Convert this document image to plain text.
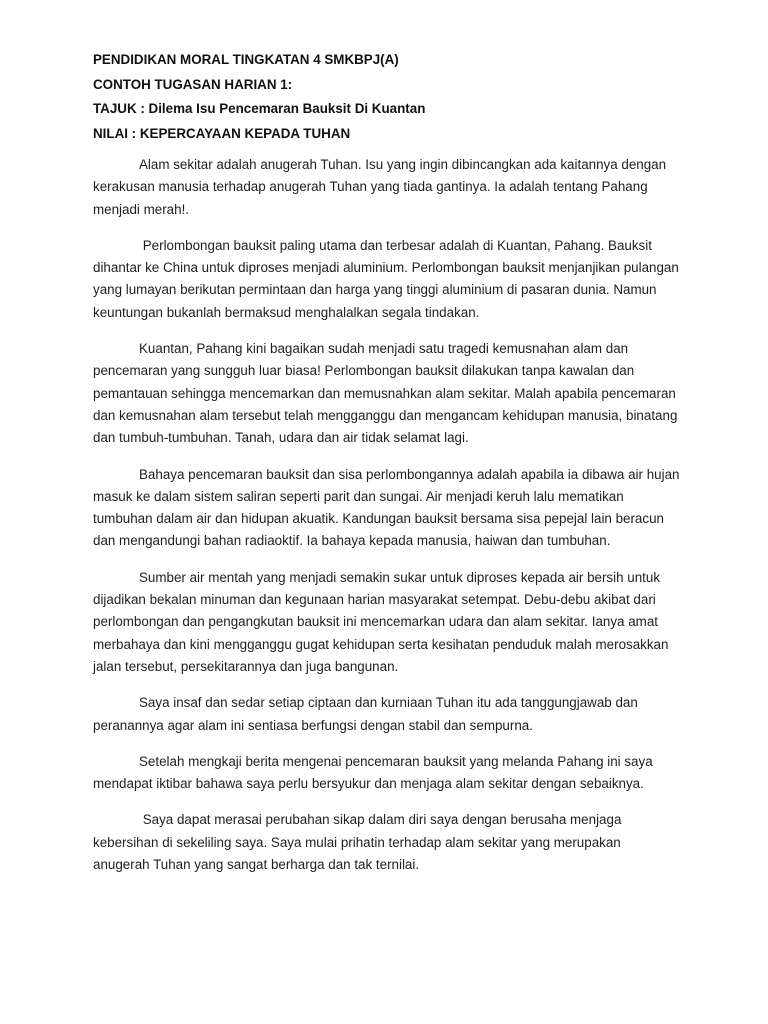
PENDIDIKAN MORAL TINGKATAN 4 SMKBPJ(A)
CONTOH TUGASAN HARIAN 1:
TAJUK : Dilema Isu Pencemaran Bauksit Di Kuantan
NILAI : KEPERCAYAAN KEPADA TUHAN

Alam sekitar adalah anugerah Tuhan. Isu yang ingin dibincangkan ada kaitannya dengan kerakusan manusia terhadap anugerah Tuhan yang tiada gantinya. Ia adalah tentang Pahang menjadi merah!.

Perlombongan bauksit paling utama dan terbesar adalah di Kuantan, Pahang. Bauksit dihantar ke China untuk diproses menjadi aluminium. Perlombongan bauksit menjanjikan pulangan yang lumayan berikutan permintaan dan harga yang tinggi aluminium di pasaran dunia. Namun keuntungan bukanlah bermaksud menghalalkan segala tindakan.

Kuantan, Pahang kini bagaikan sudah menjadi satu tragedi kemusnahan alam dan pencemaran yang sungguh luar biasa! Perlombongan bauksit dilakukan tanpa kawalan dan pemantauan sehingga mencemarkan dan memusnahkan alam sekitar. Malah apabila pencemaran dan kemusnahan alam tersebut telah mengganggu dan mengancam kehidupan manusia, binatang dan tumbuh-tumbuhan. Tanah, udara dan air tidak selamat lagi.

Bahaya pencemaran bauksit dan sisa perlombongannya adalah apabila ia dibawa air hujan masuk ke dalam sistem saliran seperti parit dan sungai. Air menjadi keruh lalu mematikan tumbuhan dalam air dan hidupan akuatik. Kandungan bauksit bersama sisa pepejal lain beracun dan mengandungi bahan radiaoktif. Ia bahaya kepada manusia, haiwan dan tumbuhan.

Sumber air mentah yang menjadi semakin sukar untuk diproses kepada air bersih untuk dijadikan bekalan minuman dan kegunaan harian masyarakat setempat. Debu-debu akibat dari perlombongan dan pengangkutan bauksit ini mencemarkan udara dan alam sekitar. Ianya amat merbahaya dan kini mengganggu gugat kehidupan serta kesihatan penduduk malah merosakkan jalan tersebut, persekitarannya dan juga bangunan.

Saya insaf dan sedar setiap ciptaan dan kurniaan Tuhan itu ada tanggungjawab dan peranannya agar alam ini sentiasa berfungsi dengan stabil dan sempurna.

Setelah mengkaji berita mengenai pencemaran bauksit yang melanda Pahang ini saya mendapat iktibar bahawa saya perlu bersyukur dan menjaga alam sekitar dengan sebaiknya.

Saya dapat merasai perubahan sikap dalam diri saya dengan berusaha menjaga kebersihan di sekeliling saya. Saya mulai prihatin terhadap alam sekitar yang merupakan anugerah Tuhan yang sangat berharga dan tak ternilai.
